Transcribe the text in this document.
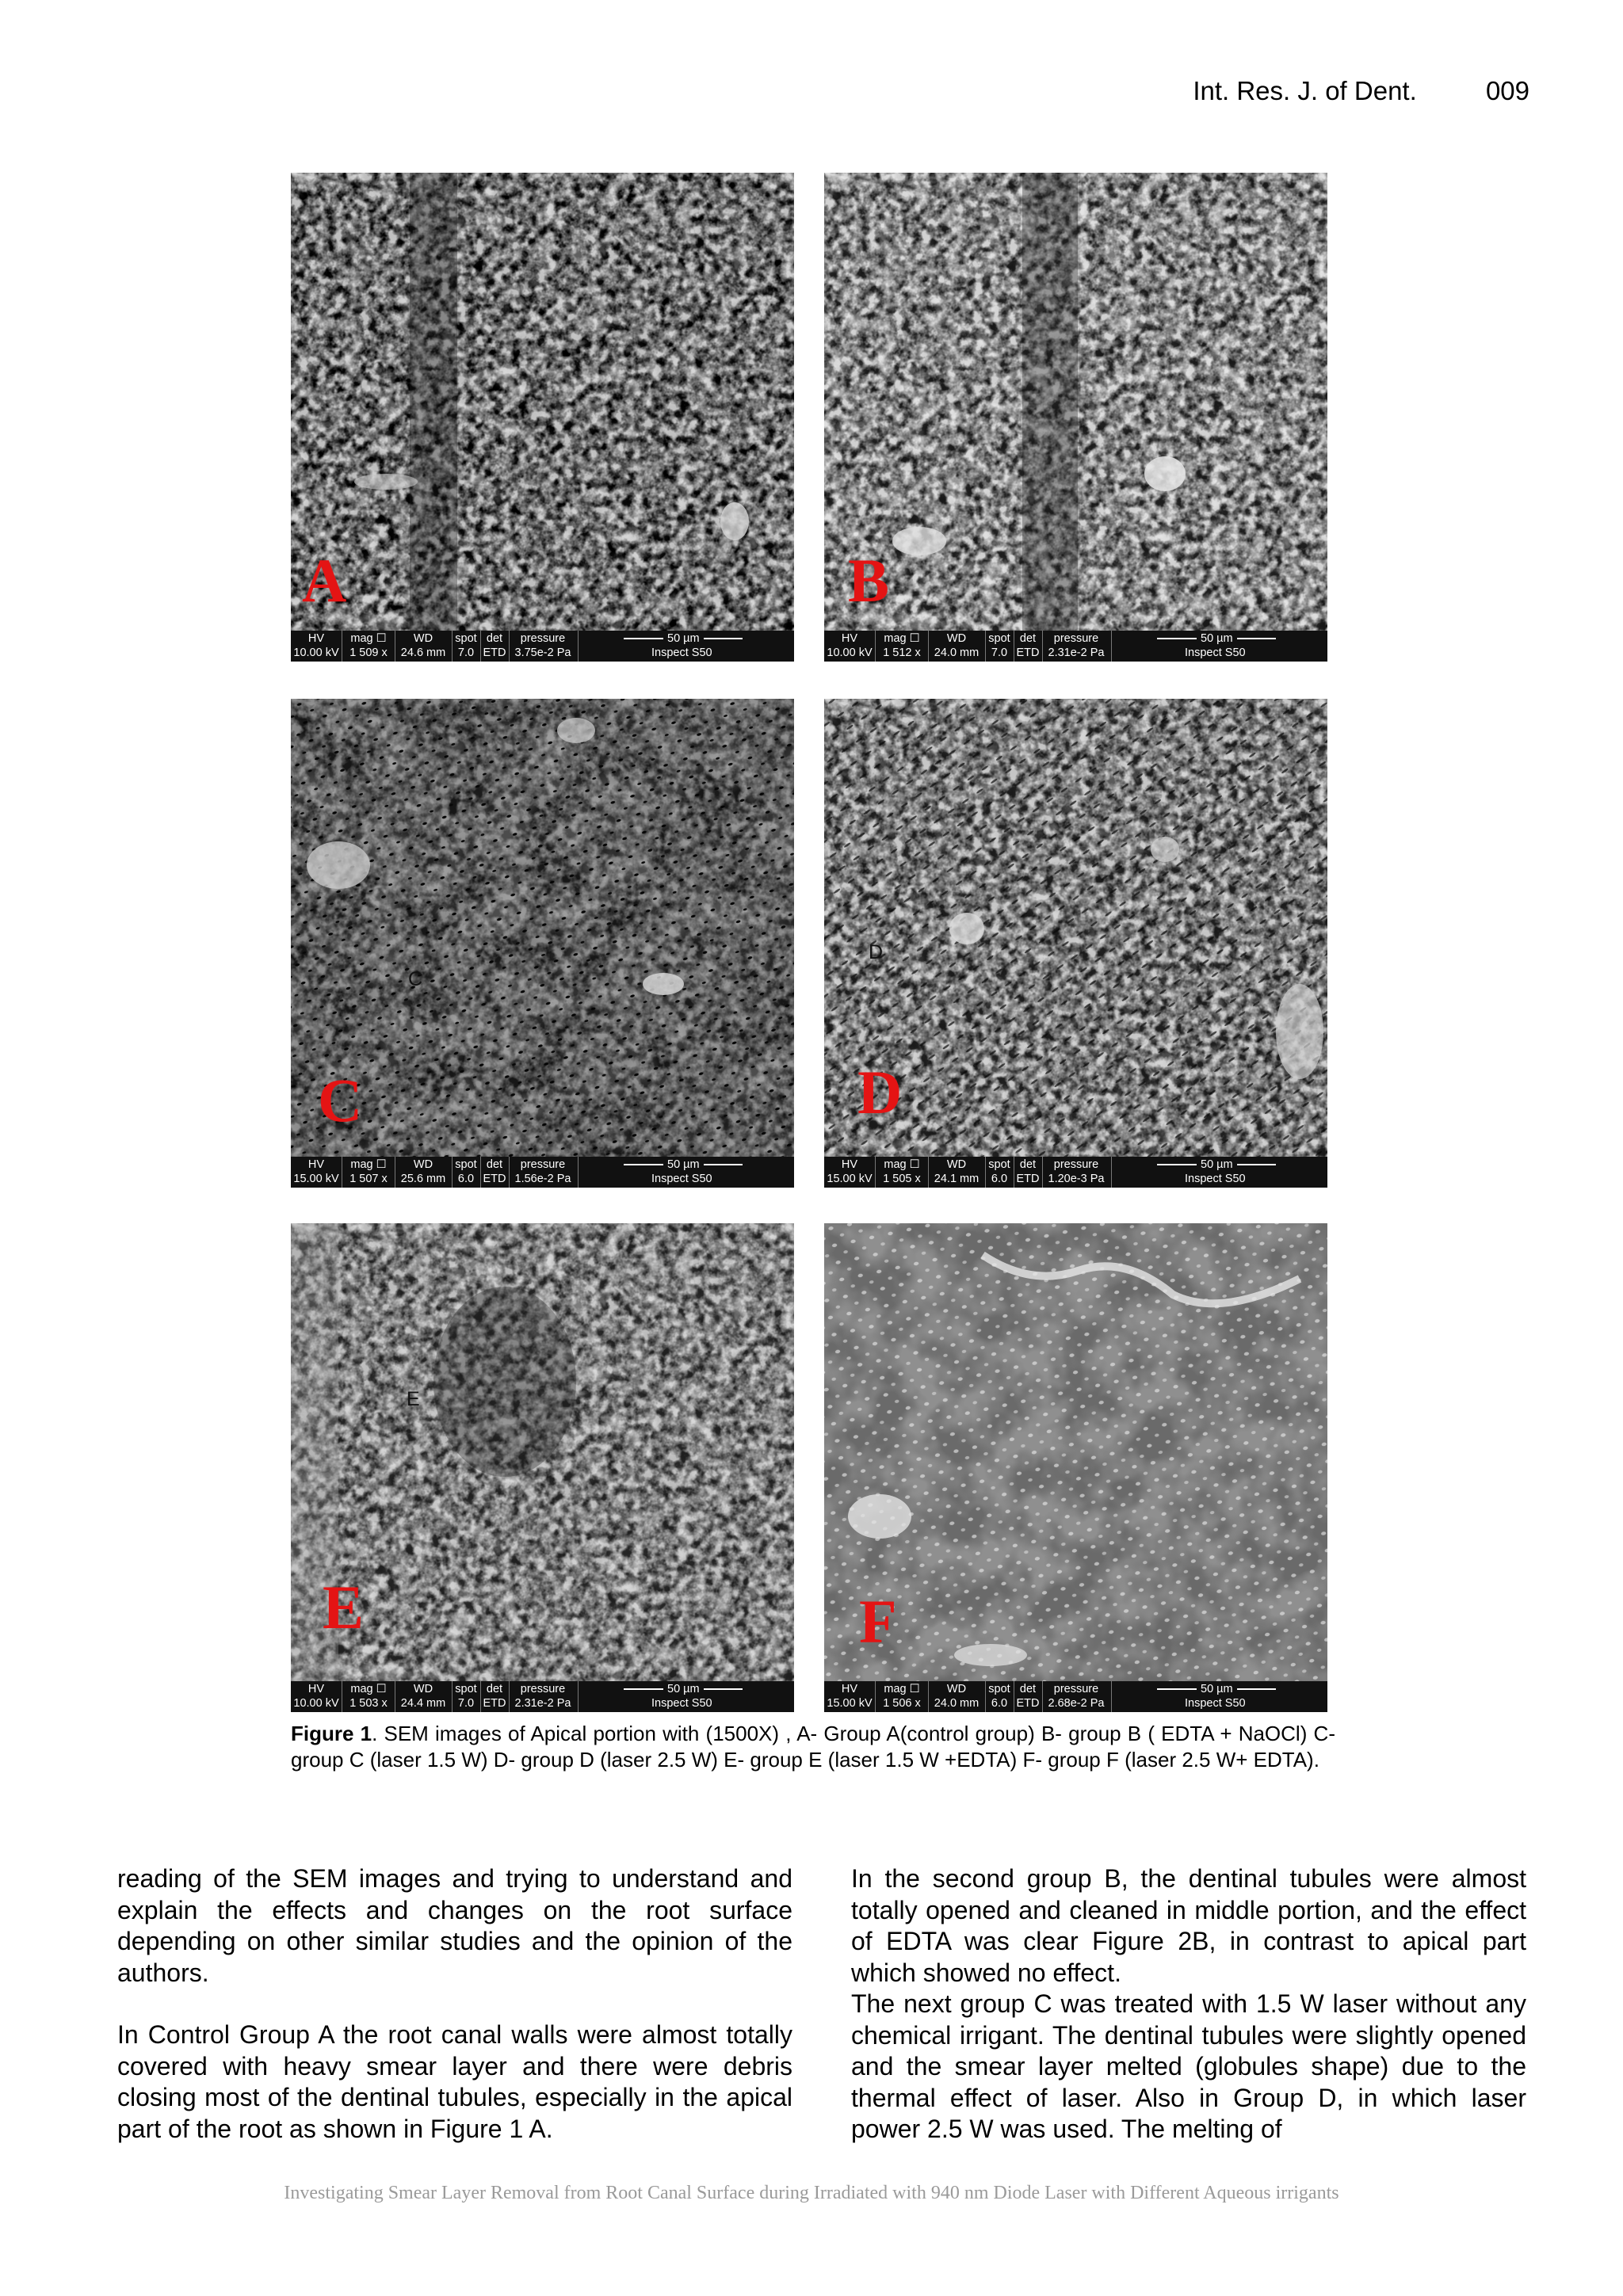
Int. Res. J. of Dent.	009
A
HV
10.00 kV
mag ☐
1 509 x
WD
24.6 mm
spot
7.0
det
ETD
pressure
3.75e-2 Pa
50 µm
Inspect S50
B
HV
10.00 kV
mag ☐
1 512 x
WD
24.0 mm
spot
7.0
det
ETD
pressure
2.31e-2 Pa
50 µm
Inspect S50
C
C
HV
15.00 kV
mag ☐
1 507 x
WD
25.6 mm
spot
6.0
det
ETD
pressure
1.56e-2 Pa
50 µm
Inspect S50
D
D
HV
15.00 kV
mag ☐
1 505 x
WD
24.1 mm
spot
6.0
det
ETD
pressure
1.20e-3 Pa
50 µm
Inspect S50
E
E
HV
10.00 kV
mag ☐
1 503 x
WD
24.4 mm
spot
7.0
det
ETD
pressure
2.31e-2 Pa
50 µm
Inspect S50
F
HV
15.00 kV
mag ☐
1 506 x
WD
24.0 mm
spot
6.0
det
ETD
pressure
2.68e-2 Pa
50 µm
Inspect S50
Figure 1. SEM images of Apical portion with (1500X) , A- Group A(control group) B- group B ( EDTA + NaOCl) C- group C (laser 1.5 W) D- group D (laser 2.5 W) E- group E (laser 1.5 W +EDTA) F- group F (laser 2.5 W+ EDTA).

reading of the SEM images and trying to understand and explain the effects and changes on the root surface depending on other similar studies and the opinion of the authors.

In Control Group A the root canal walls were almost totally covered with heavy smear layer and there were debris closing most of the dentinal tubules, especially in the apical part of the root as shown in Figure 1 A.

In the second group B, the dentinal tubules were almost totally opened and cleaned in middle portion, and the effect of EDTA was clear Figure 2B, in contrast to apical part which showed no effect.

The next group C was treated with 1.5 W laser without any chemical irrigant. The dentinal tubules were slightly opened and the smear layer melted (globules shape) due to the thermal effect of laser. Also in Group D, in which laser power 2.5 W was used. The melting of

Investigating Smear Layer Removal from Root Canal Surface during Irradiated with 940 nm Diode Laser with Different Aqueous irrigants
